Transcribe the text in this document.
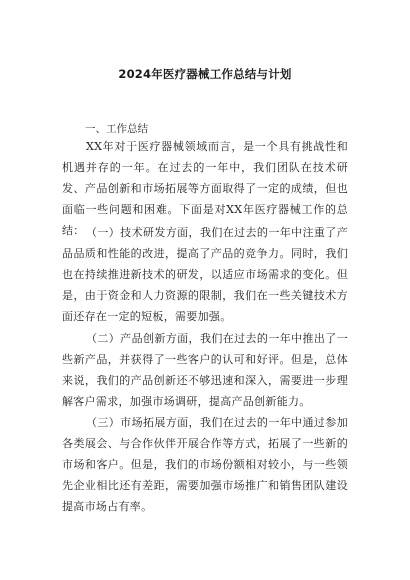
2024年医疗器械工作总结与计划
一、工作总结

XX年对于医疗器械领域而言，是一个具有挑战性和机遇并存的一年。在过去的一年中，我们团队在技术研发、产品创新和市场拓展等方面取得了一定的成绩，但也面临一些问题和困难。下面是对XX年医疗器械工作的总结： （一）技术研发方面，我们在过去的一年中注重了产品品质和性能的改进，提高了产品的竞争力。同时，我们也在持续推进新技术的研发，以适应市场需求的变化。但是，由于资金和人力资源的限制，我们在一些关键技术方面还存在一定的短板，需要加强。

（二）产品创新方面，我们在过去的一年中推出了一些新产品，并获得了一些客户的认可和好评。但是，总体来说，我们的产品创新还不够迅速和深入，需要进一步理解客户需求，加强市场调研，提高产品创新能力。

（三）市场拓展方面，我们在过去的一年中通过参加各类展会、与合作伙伴开展合作等方式，拓展了一些新的市场和客户。但是，我们的市场份额相对较小，与一些领先企业相比还有差距，需要加强市场推广和销售团队建设提高市场占有率。
